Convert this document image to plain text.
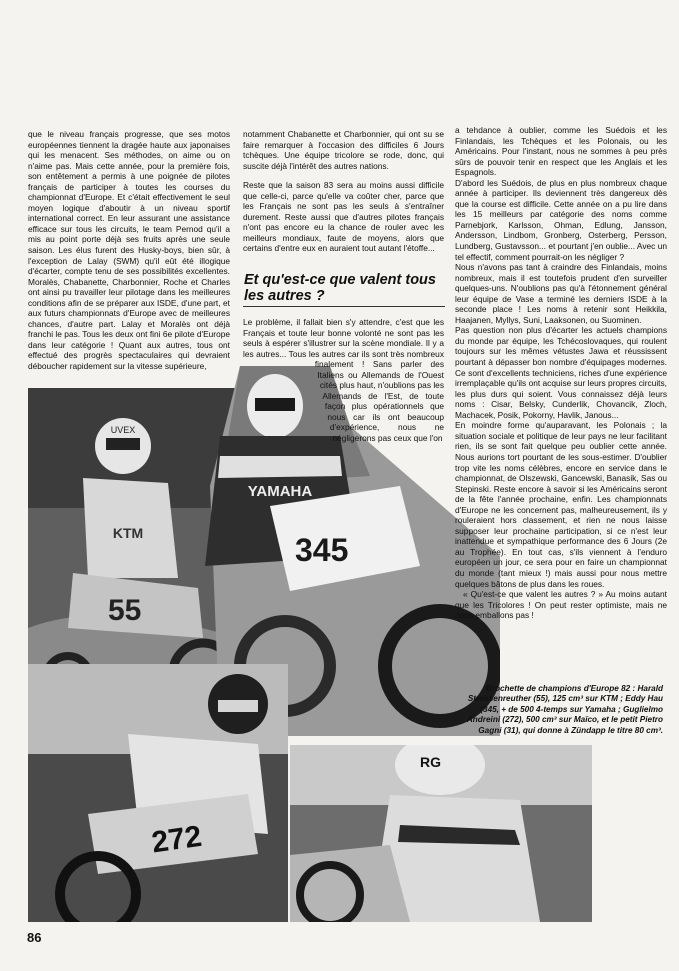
UVEX
KTM
55
YAMAHA
345
272
RG

que le niveau français progresse, que ses motos européennes tiennent la dragée haute aux japonaises qui les menacent. Ses méthodes, on aime ou on n'aime pas. Mais cette année, pour la première fois, son entêtement a permis à une poignée de pilotes français de participer à toutes les courses du championnat d'Europe. Et c'était effectivement le seul moyen logique d'aboutir à un niveau sportif international correct. En leur assurant une assistance efficace sur tous les circuits, le team Pernod qu'il a mis au point porte déjà ses fruits après une seule saison. Les élus furent des Husky-boys, bien sûr, à l'exception de Lalay (SWM) qu'il eût été illogique d'écarter, compte tenu de ses possibilités excellentes. Moralès, Chabanette, Charbonnier, Roche et Charles ont ainsi pu travailler leur pilotage dans les meilleures conditions afin de se préparer aux ISDE, d'une part, et aux futurs championnats d'Europe avec de meilleures chances, d'autre part. Lalay et Moralès ont déjà franchi le pas. Tous les deux ont fini 6e pilote d'Europe dans leur catégorie ! Quant aux autres, tous ont effectué des progrès spectaculaires qui devraient déboucher rapidement sur la vitesse supérieure,

notamment Chabanette et Charbonnier, qui ont su se faire remarquer à l'occasion des difficiles 6 Jours tchèques. Une équipe tricolore se rode, donc, qui suscite déjà l'intérêt des autres nations.

Reste que la saison 83 sera au moins aussi difficile que celle-ci, parce qu'elle va coûter cher, parce que les Français ne sont pas les seuls à s'entraîner durement. Reste aussi que d'autres pilotes français n'ont pas encore eu la chance de rouler avec les meilleurs mondiaux, faute de moyens, alors que certains d'entre eux en auraient tout autant l'étoffe...

Et qu'est-ce que valent tous les autres ?

Le problème, il fallait bien s'y attendre, c'est que les Français et toute leur bonne volonté ne sont pas les seuls à espérer s'illustrer sur la scène mondiale. Il y a les autres... Tous les autres car ils sont très nombreux finalement ! Sans parler des Italiens ou Allemands de l'Ouest cités plus haut, n'oublions pas les Allemands de l'Est, de toute façon plus opérationnels que nous car ils ont beaucoup d'expérience, nous ne négligerons pas ceux que l'on

a tehdance à oublier, comme les Suédois et les Finlandais, les Tchèques et les Polonais, ou les Américains. Pour l'instant, nous ne sommes à peu près sûrs de pouvoir tenir en respect que les Anglais et les Espagnols.

D'abord les Suédois, de plus en plus nombreux chaque année à participer. Ils deviennent très dangereux dès que la course est difficile. Cette année on a pu lire dans les 15 meilleurs par catégorie des noms comme Parnebjork, Karlsson, Ohman, Edlung, Jansson, Andersson, Lindbom, Gronberg, Osterberg, Persson, Lundberg, Gustavsson... et pourtant j'en oublie... Avec un tel effectif, comment pourrait-on les négliger ?

Nous n'avons pas tant à craindre des Finlandais, moins nombreux, mais il est toutefois prudent d'en surveiller quelques-uns. N'oublions pas qu'à l'étonnement général leur équipe de Vase a terminé les derniers ISDE à la seconde place ! Les noms à retenir sont Heikkila, Haajanen, Myllys, Suni, Laaksonen, ou Suominen.

Pas question non plus d'écarter les actuels champions du monde par équipe, les Tchécoslovaques, qui roulent toujours sur les mêmes vétustes Jawa et réussissent pourtant à dépasser bon nombre d'équipages modernes. Ce sont d'excellents techniciens, riches d'une expérience irremplaçable qu'ils ont acquise sur leurs propres circuits, les plus durs qui soient. Vous connaissez déjà leurs noms : Cisar, Belsky, Cunderlik, Chovancik, Zloch, Machacek, Posik, Pokorny, Havlik, Janous...

En moindre forme qu'auparavant, les Polonais ; la situation sociale et politique de leur pays ne leur facilitant rien, ils se sont fait quelque peu oublier cette année. Nous aurions tort pourtant de les sous-estimer. D'oublier trop vite les noms célèbres, encore en service dans le championnat, de Olszewski, Gancewski, Banasik, Sas ou Stepinski. Reste encore à savoir si les Américains seront de la fête l'année prochaine, enfin. Les championnats d'Europe ne les concernent pas, malheureusement, ils y rouleraient hors classement, et rien ne nous laisse supposer leur prochaine participation, si ce n'est leur inattendue et sympathique performance des 6 Jours (2e au Trophée). En tout cas, s'ils viennent à l'enduro européen un jour, ce sera pour en faire un championnat du monde (tant mieux !) mais aussi pour nous mettre quelques bâtons de plus dans les roues.

« Qu'est-ce que valent les autres ? » Au moins autant que les Tricolores ! On peut rester optimiste, mais ne nous emballons pas !

Brochette de champions d'Europe 82 : Harald Strossenreuther (55), 125 cm³ sur KTM ; Eddy Hau (345, + de 500 4-temps sur Yamaha ; Guglielmo Andreini (272), 500 cm³ sur Maïco, et le petit Pietro Gagni (31), qui donne à Zündapp le titre 80 cm³.
86
